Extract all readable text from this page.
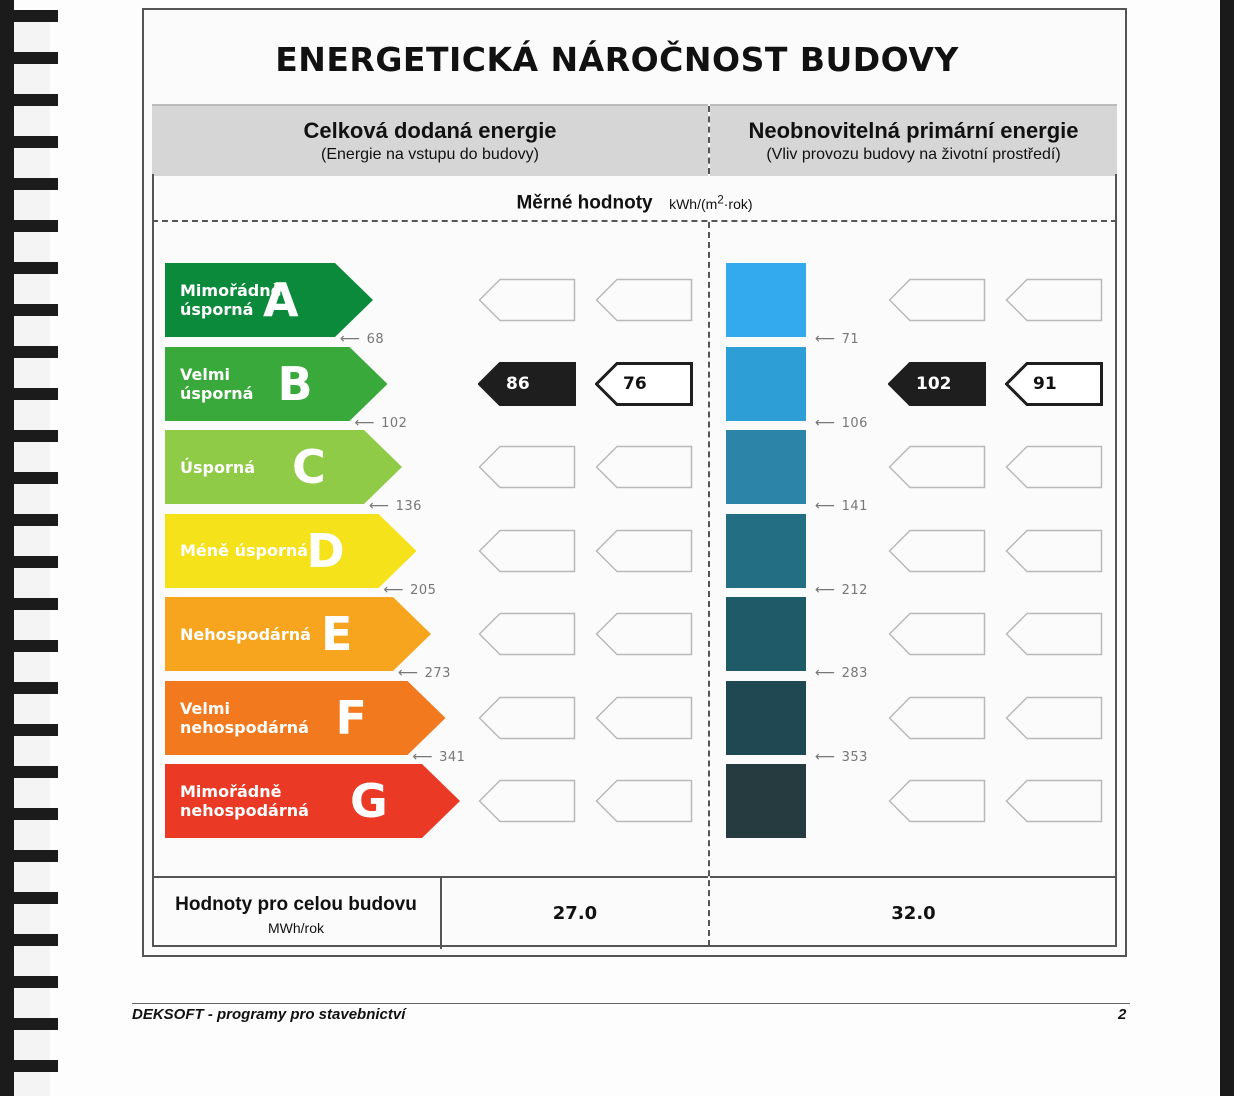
ENERGETICKÁ NÁROČNOST BUDOVY
Celková dodaná energie
(Energie na vstupu do budovy)
Neobnovitelná primární energie
(Vliv provozu budovy na životní prostředí)
Měrné hodnoty kWh/$(m^2\cdot rok)$
Mimořádně
úsporná A
Velmi
úsporná B
Úsporná C
Méně úsporná
D
Nehospodárná E
Velmi
nehospodárná F
Mimořádně
nehospodárná G
⟵ 68	⟵ 71
⟵ 102	⟵ 106
⟵ 136	⟵ 141
⟵ 205	⟵ 212
⟵ 273	⟵ 283
⟵ 341	⟵ 353
86	76	102	91
Hodnoty pro celou budovu
MWh/rok
27.0	32.0
DEKSOFT - programy pro stavebnictví	2
